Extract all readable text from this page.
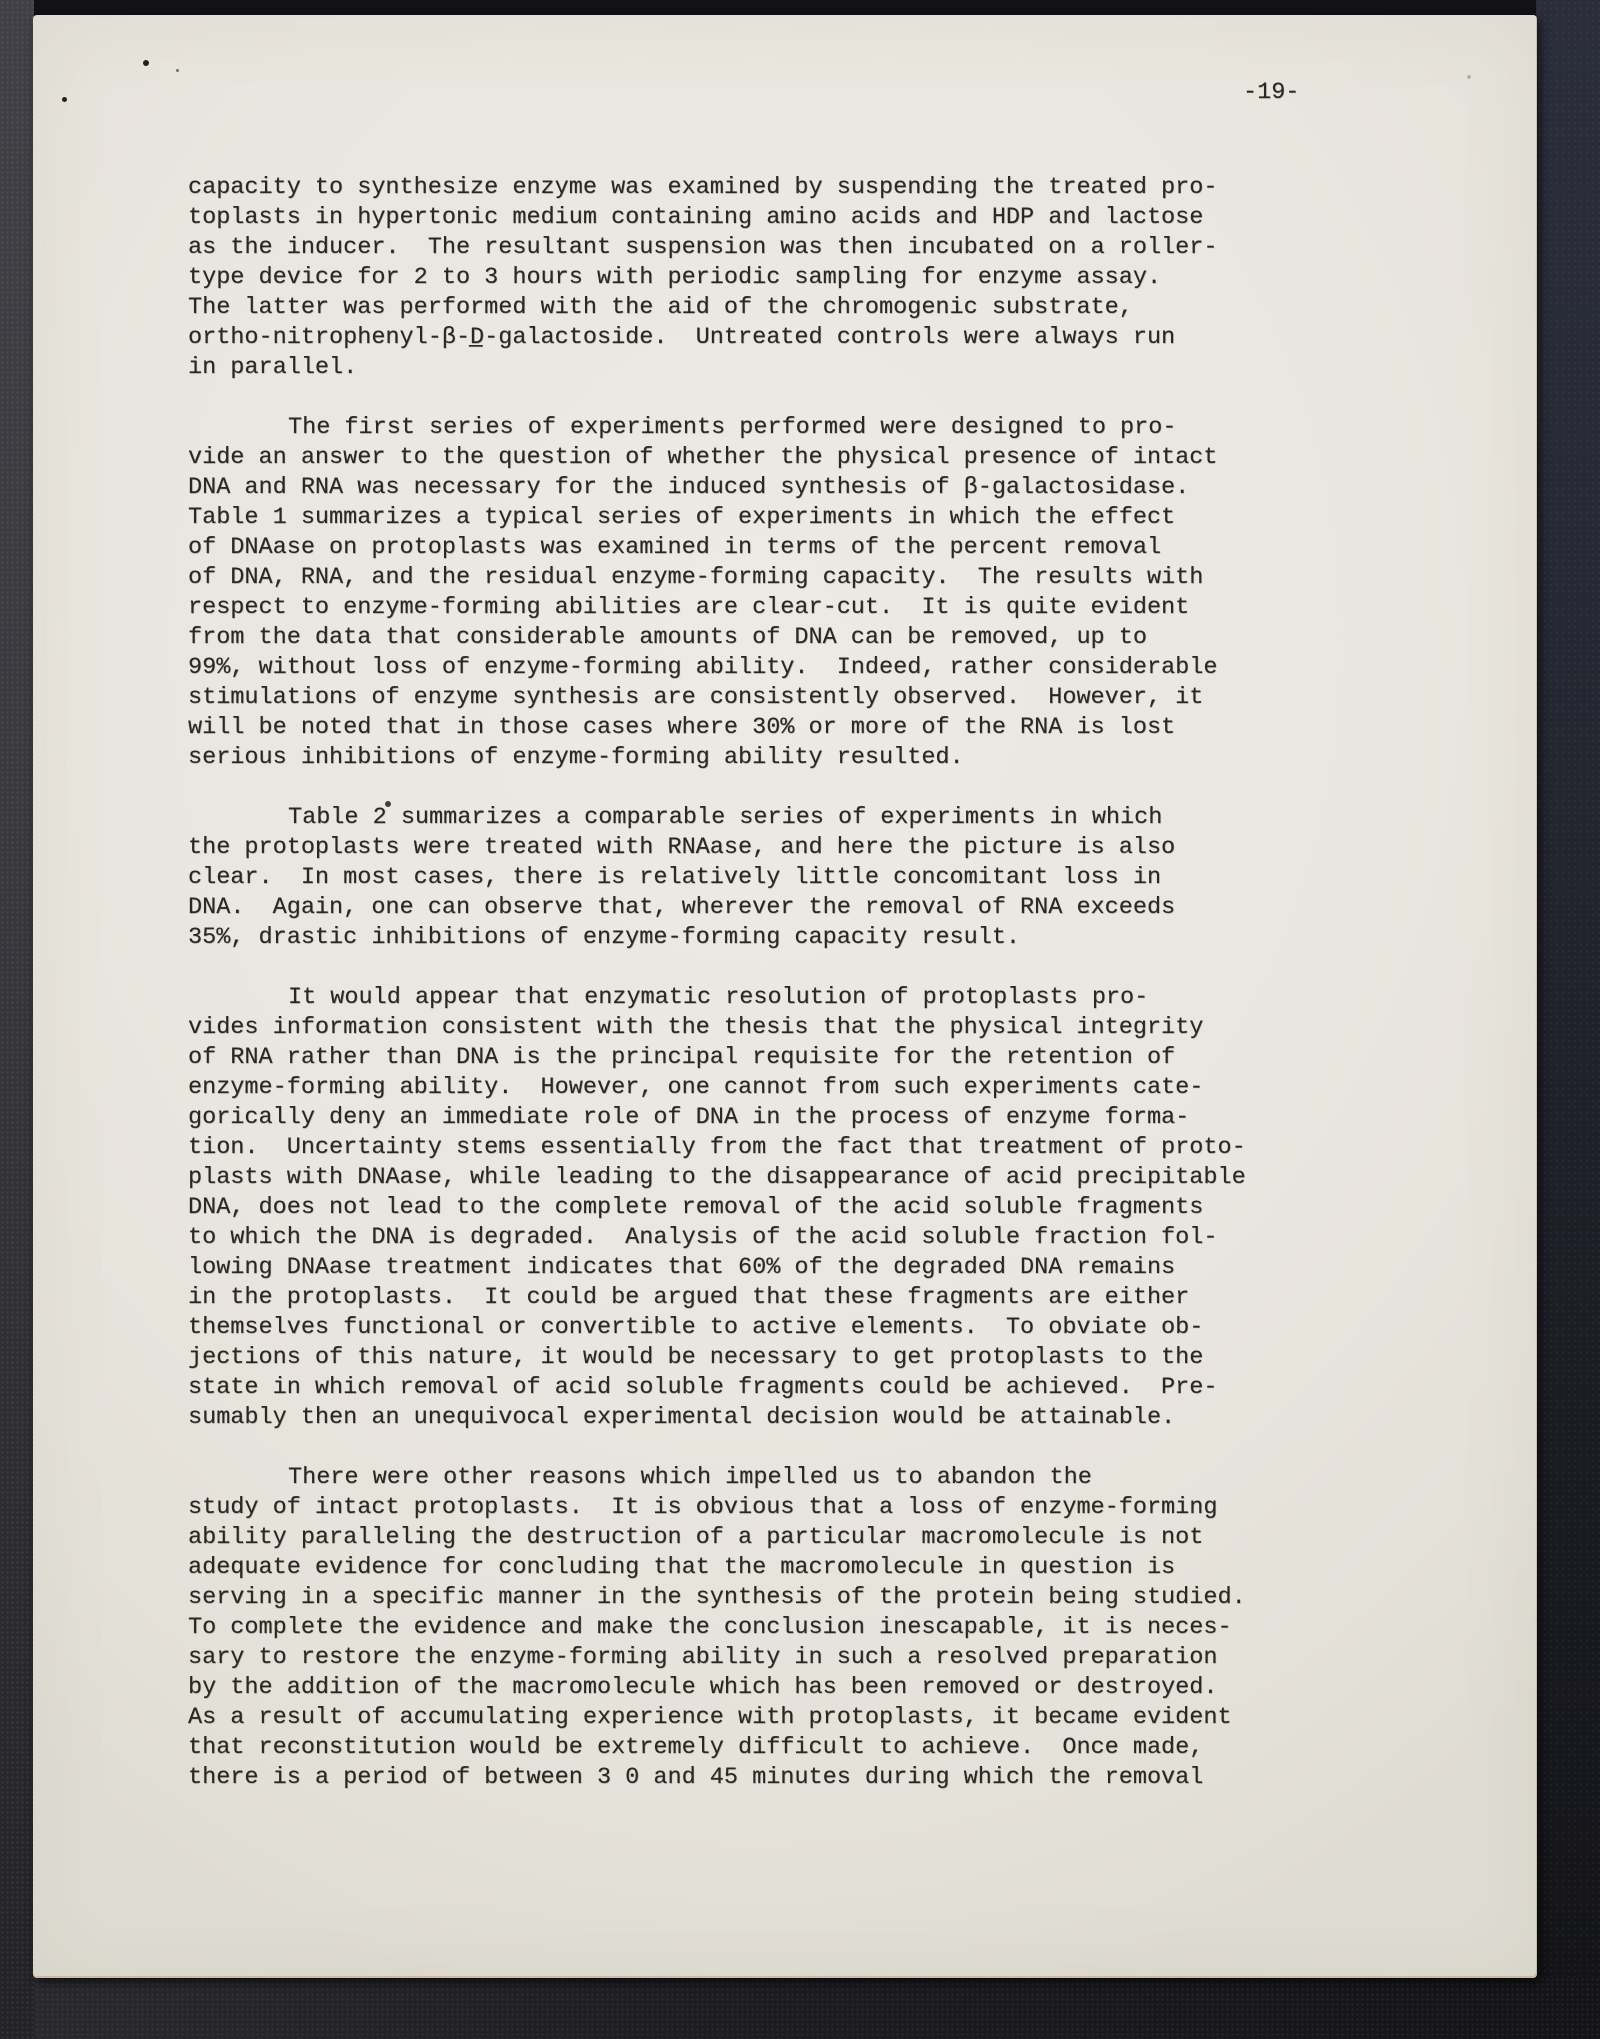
-19-
capacity to synthesize enzyme was examined by suspending the treated pro-
toplasts in hypertonic medium containing amino acids and HDP and lactose
as the inducer.  The resultant suspension was then incubated on a roller-
type device for 2 to 3 hours with periodic sampling for enzyme assay.
The latter was performed with the aid of the chromogenic substrate,
ortho-nitrophenyl-β-D̲-galactoside.  Untreated controls were always run
in parallel.
The first series of experiments performed were designed to pro-
vide an answer to the question of whether the physical presence of intact
DNA and RNA was necessary for the induced synthesis of β-galactosidase.
Table 1 summarizes a typical series of experiments in which the effect
of DNAase on protoplasts was examined in terms of the percent removal
of DNA, RNA, and the residual enzyme-forming capacity.  The results with
respect to enzyme-forming abilities are clear-cut.  It is quite evident
from the data that considerable amounts of DNA can be removed, up to
99%, without loss of enzyme-forming ability.  Indeed, rather considerable
stimulations of enzyme synthesis are consistently observed.  However, it
will be noted that in those cases where 30% or more of the RNA is lost
serious inhibitions of enzyme-forming ability resulted.
Table 2 summarizes a comparable series of experiments in which
the protoplasts were treated with RNAase, and here the picture is also
clear.  In most cases, there is relatively little concomitant loss in
DNA.  Again, one can observe that, wherever the removal of RNA exceeds
35%, drastic inhibitions of enzyme-forming capacity result.
It would appear that enzymatic resolution of protoplasts pro-
vides information consistent with the thesis that the physical integrity
of RNA rather than DNA is the principal requisite for the retention of
enzyme-forming ability.  However, one cannot from such experiments cate-
gorically deny an immediate role of DNA in the process of enzyme forma-
tion.  Uncertainty stems essentially from the fact that treatment of proto-
plasts with DNAase, while leading to the disappearance of acid precipitable
DNA, does not lead to the complete removal of the acid soluble fragments
to which the DNA is degraded.  Analysis of the acid soluble fraction fol-
lowing DNAase treatment indicates that 60% of the degraded DNA remains
in the protoplasts.  It could be argued that these fragments are either
themselves functional or convertible to active elements.  To obviate ob-
jections of this nature, it would be necessary to get protoplasts to the
state in which removal of acid soluble fragments could be achieved.  Pre-
sumably then an unequivocal experimental decision would be attainable.
There were other reasons which impelled us to abandon the
study of intact protoplasts.  It is obvious that a loss of enzyme-forming
ability paralleling the destruction of a particular macromolecule is not
adequate evidence for concluding that the macromolecule in question is
serving in a specific manner in the synthesis of the protein being studied.
To complete the evidence and make the conclusion inescapable, it is neces-
sary to restore the enzyme-forming ability in such a resolved preparation
by the addition of the macromolecule which has been removed or destroyed.
As a result of accumulating experience with protoplasts, it became evident
that reconstitution would be extremely difficult to achieve.  Once made,
there is a period of between 3 0 and 45 minutes during which the removal
